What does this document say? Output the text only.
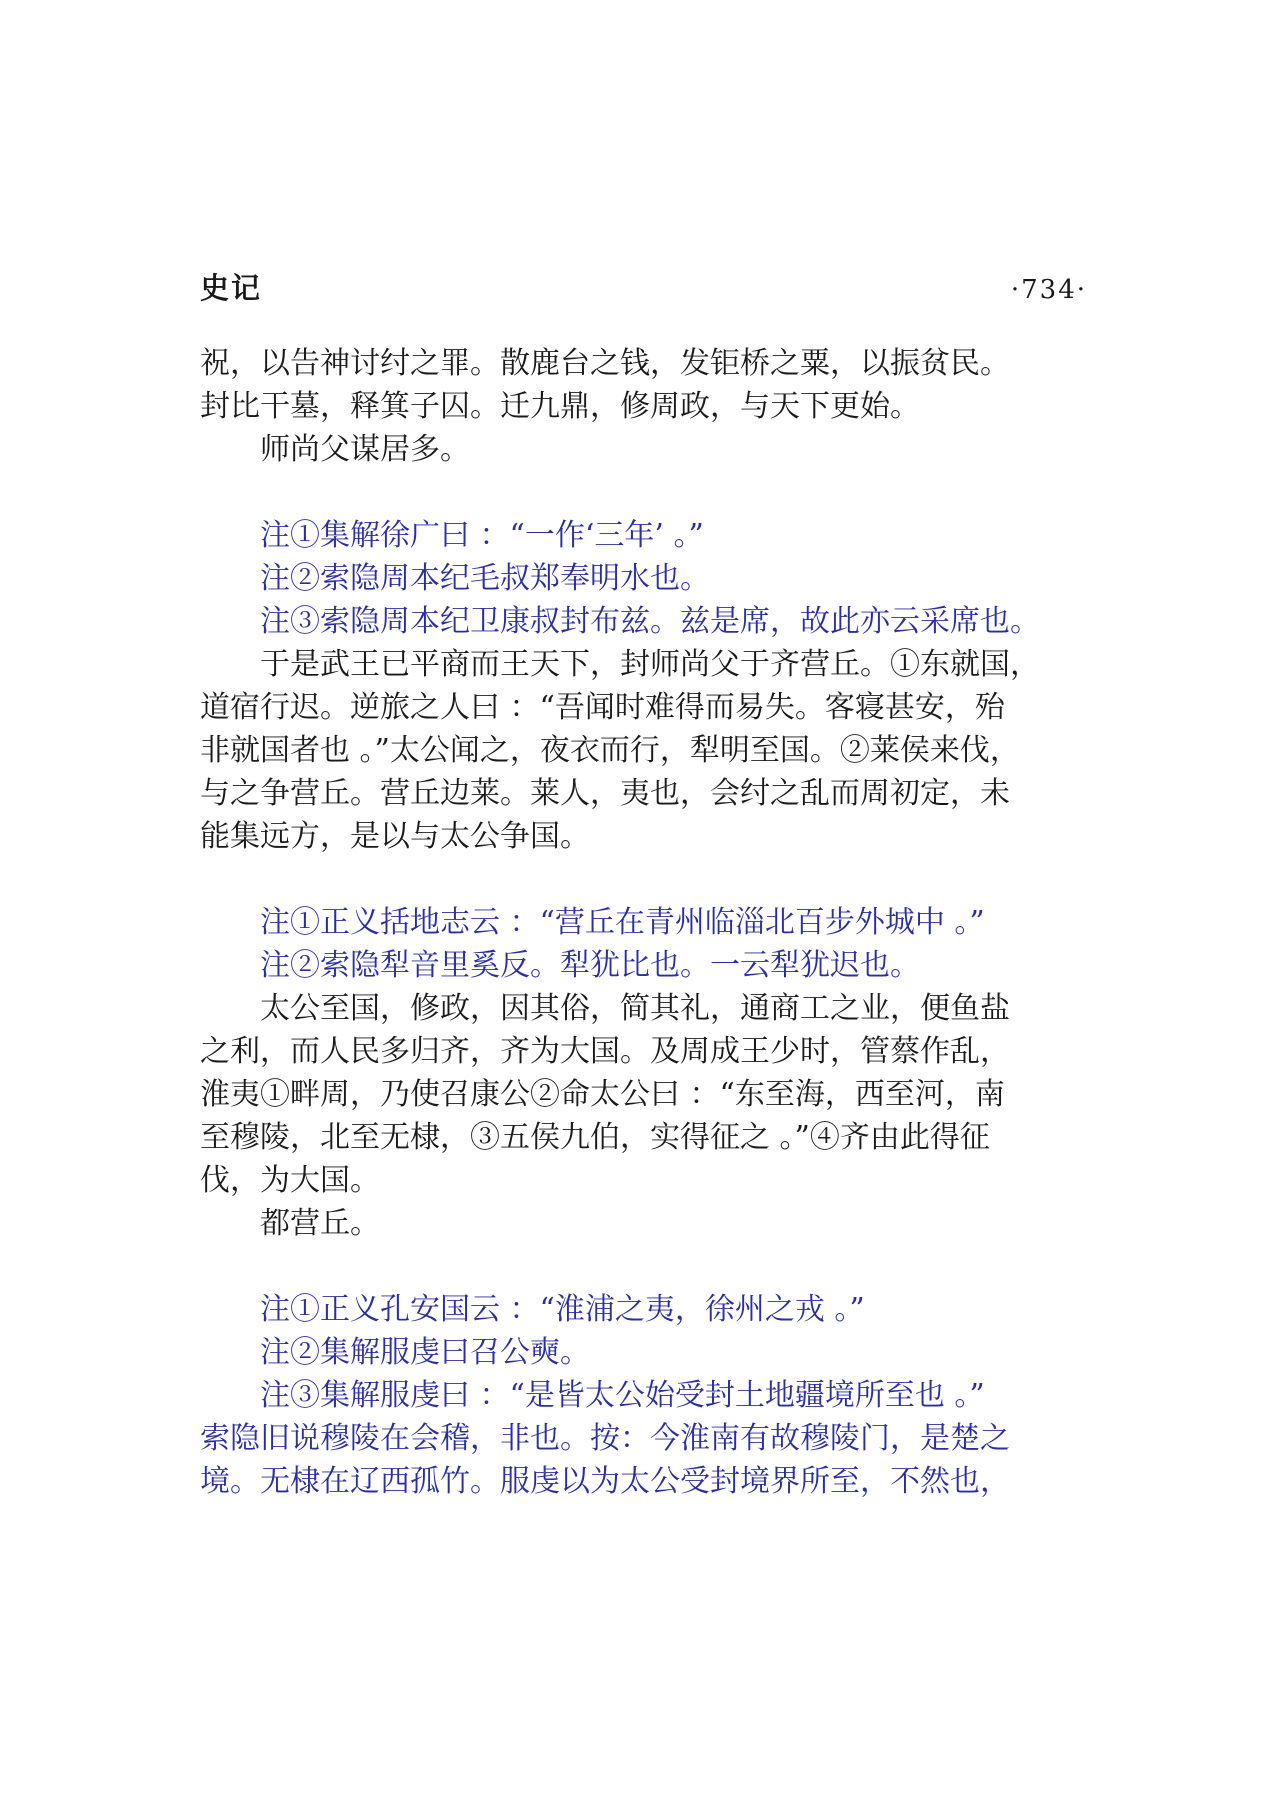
史记	·734·

祝，以告神讨纣之罪。散鹿台之钱，发钜桥之粟，以振贫民。

封比干墓，释箕子囚。迁九鼎，修周政，与天下更始。

师尚父谋居多。

注①集解徐广曰 ：“一作‘三年’ 。”

注②索隐周本纪毛叔郑奉明水也。

注③索隐周本纪卫康叔封布兹。兹是席，故此亦云采席也。

于是武王已平商而王天下，封师尚父于齐营丘。①东就国，

道宿行迟。逆旅之人曰 ：“吾闻时难得而易失。客寝甚安，殆

非就国者也 。”太公闻之，夜衣而行，犁明至国。②莱侯来伐，

与之争营丘。营丘边莱。莱人，夷也，会纣之乱而周初定，未

能集远方，是以与太公争国。

注①正义括地志云 ：“营丘在青州临淄北百步外城中 。”

注②索隐犁音里奚反。犁犹比也。一云犁犹迟也。

太公至国，修政，因其俗，简其礼，通商工之业，便鱼盐

之利，而人民多归齐，齐为大国。及周成王少时，管蔡作乱，

淮夷①畔周，乃使召康公②命太公曰 ：“东至海，西至河，南

至穆陵，北至无棣，③五侯九伯，实得征之 。”④齐由此得征

伐，为大国。

都营丘。

注①正义孔安国云 ：“淮浦之夷，徐州之戎 。”

注②集解服虔曰召公奭。

注③集解服虔曰 ：“是皆太公始受封土地疆境所至也 。”

索隐旧说穆陵在会稽，非也。按：今淮南有故穆陵门，是楚之

境。无棣在辽西孤竹。服虔以为太公受封境界所至，不然也，
